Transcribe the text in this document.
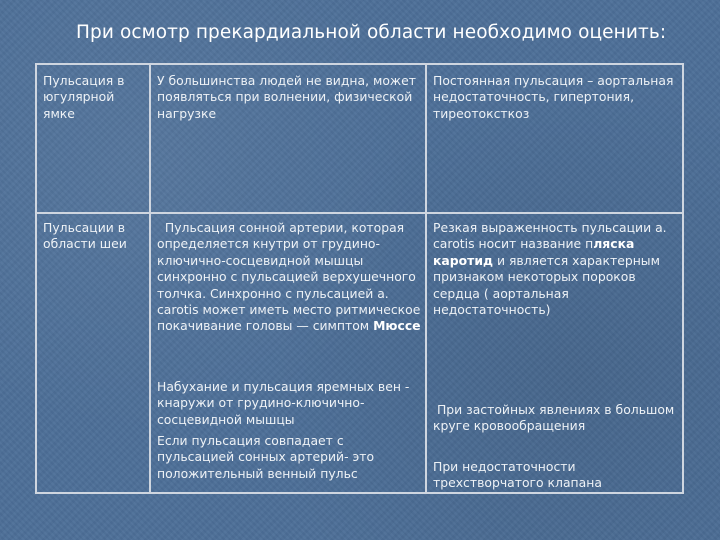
При осмотр прекардиальной области необходимо оценить:
Пульсация в югулярной ямке
У большинства людей не видна, может появляться при волнении, физической нагрузке
Постоянная пульсация – аортальная недостаточность, гипертония, тиреотоксткоз
Пульсации в области шеи
Пульсация сонной артерии, которая определяется кнутри от грудино-ключично-сосцевидной мышцы синхронно с пульсацией верхушечного толчка. Синхронно с пульсацией а. carotis может иметь место ритмическое покачивание головы — симптом Мюссе
Резкая выраженность пульсации а. carotis носит название пляска каротид и является характерным признаком некоторых пороков сердца ( аортальная недостаточность)
Набухание и пульсация яремных вен - кнаружи от грудино-ключично-сосцевидной мышцы
Если пульсация совпадает с пульсацией сонных артерий- это положительный венный пульс
При застойных явлениях в большом круге кровообращения
При недостаточности трехстворчатого клапана
